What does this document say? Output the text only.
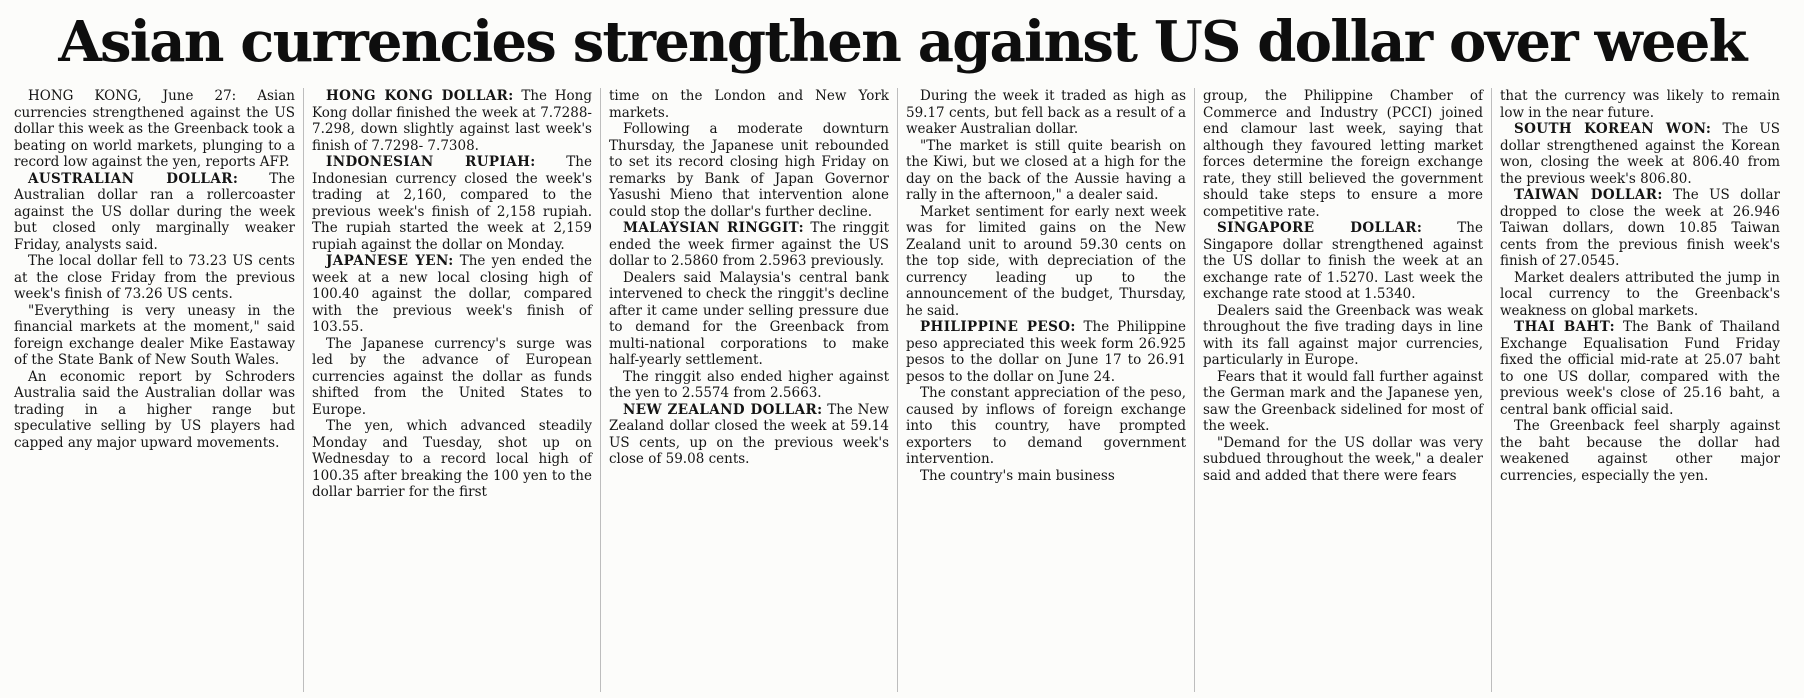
Asian currencies strengthen against US dollar over week

HONG KONG, June 27: Asian currencies strengthened against the US dollar this week as the Greenback took a beating on world markets, plunging to a record low against the yen, reports AFP.

AUSTRALIAN DOLLAR: The Australian dollar ran a rollercoaster against the US dollar during the week but closed only marginally weaker Friday, analysts said.

The local dollar fell to 73.23 US cents at the close Friday from the previous week's finish of 73.26 US cents.

"Everything is very uneasy in the financial markets at the moment," said foreign exchange dealer Mike Eastaway of the State Bank of New South Wales.

An economic report by Schroders Australia said the Australian dollar was trading in a higher range but speculative selling by US players had capped any major upward movements.

HONG KONG DOLLAR: The Hong Kong dollar finished the week at 7.7288-7.298, down slightly against last week's finish of 7.7298- 7.7308.

INDONESIAN RUPIAH: The Indonesian currency closed the week's trading at 2,160, compared to the previous week's finish of 2,158 rupiah. The rupiah started the week at 2,159 rupiah against the dollar on Monday.

JAPANESE YEN: The yen ended the week at a new local closing high of 100.40 against the dollar, compared with the previous week's finish of 103.55.

The Japanese currency's surge was led by the advance of European currencies against the dollar as funds shifted from the United States to Europe.

The yen, which advanced steadily Monday and Tuesday, shot up on Wednesday to a record local high of 100.35 after breaking the 100 yen to the dollar barrier for the first

time on the London and New York markets.

Following a moderate downturn Thursday, the Japanese unit rebounded to set its record closing high Friday on remarks by Bank of Japan Governor Yasushi Mieno that intervention alone could stop the dollar's further decline.

MALAYSIAN RINGGIT: The ringgit ended the week firmer against the US dollar to 2.5860 from 2.5963 previously.

Dealers said Malaysia's central bank intervened to check the ringgit's decline after it came under selling pressure due to demand for the Greenback from multi-national corporations to make half-yearly settlement.

The ringgit also ended higher against the yen to 2.5574 from 2.5663.

NEW ZEALAND DOLLAR: The New Zealand dollar closed the week at 59.14 US cents, up on the previous week's close of 59.08 cents.

During the week it traded as high as 59.17 cents, but fell back as a result of a weaker Australian dollar.

"The market is still quite bearish on the Kiwi, but we closed at a high for the day on the back of the Aussie having a rally in the afternoon," a dealer said.

Market sentiment for early next week was for limited gains on the New Zealand unit to around 59.30 cents on the top side, with depreciation of the currency leading up to the announcement of the budget, Thursday, he said.

PHILIPPINE PESO: The Philippine peso appreciated this week form 26.925 pesos to the dollar on June 17 to 26.91 pesos to the dollar on June 24.

The constant appreciation of the peso, caused by inflows of foreign exchange into this country, have prompted exporters to demand government intervention.

The country's main business

group, the Philippine Chamber of Commerce and Industry (PCCI) joined end clamour last week, saying that although they favoured letting market forces determine the foreign exchange rate, they still believed the government should take steps to ensure a more competitive rate.

SINGAPORE DOLLAR: The Singapore dollar strengthened against the US dollar to finish the week at an exchange rate of 1.5270. Last week the exchange rate stood at 1.5340.

Dealers said the Greenback was weak throughout the five trading days in line with its fall against major currencies, particularly in Europe.

Fears that it would fall further against the German mark and the Japanese yen, saw the Greenback sidelined for most of the week.

"Demand for the US dollar was very subdued throughout the week," a dealer said and added that there were fears

that the currency was likely to remain low in the near future.

SOUTH KOREAN WON: The US dollar strengthened against the Korean won, closing the week at 806.40 from the previous week's 806.80.

TAIWAN DOLLAR: The US dollar dropped to close the week at 26.946 Taiwan dollars, down 10.85 Taiwan cents from the previous finish week's finish of 27.0545.

Market dealers attributed the jump in local currency to the Greenback's weakness on global markets.

THAI BAHT: The Bank of Thailand Exchange Equalisation Fund Friday fixed the official mid-rate at 25.07 baht to one US dollar, compared with the previous week's close of 25.16 baht, a central bank official said.

The Greenback feel sharply against the baht because the dollar had weakened against other major currencies, especially the yen.
